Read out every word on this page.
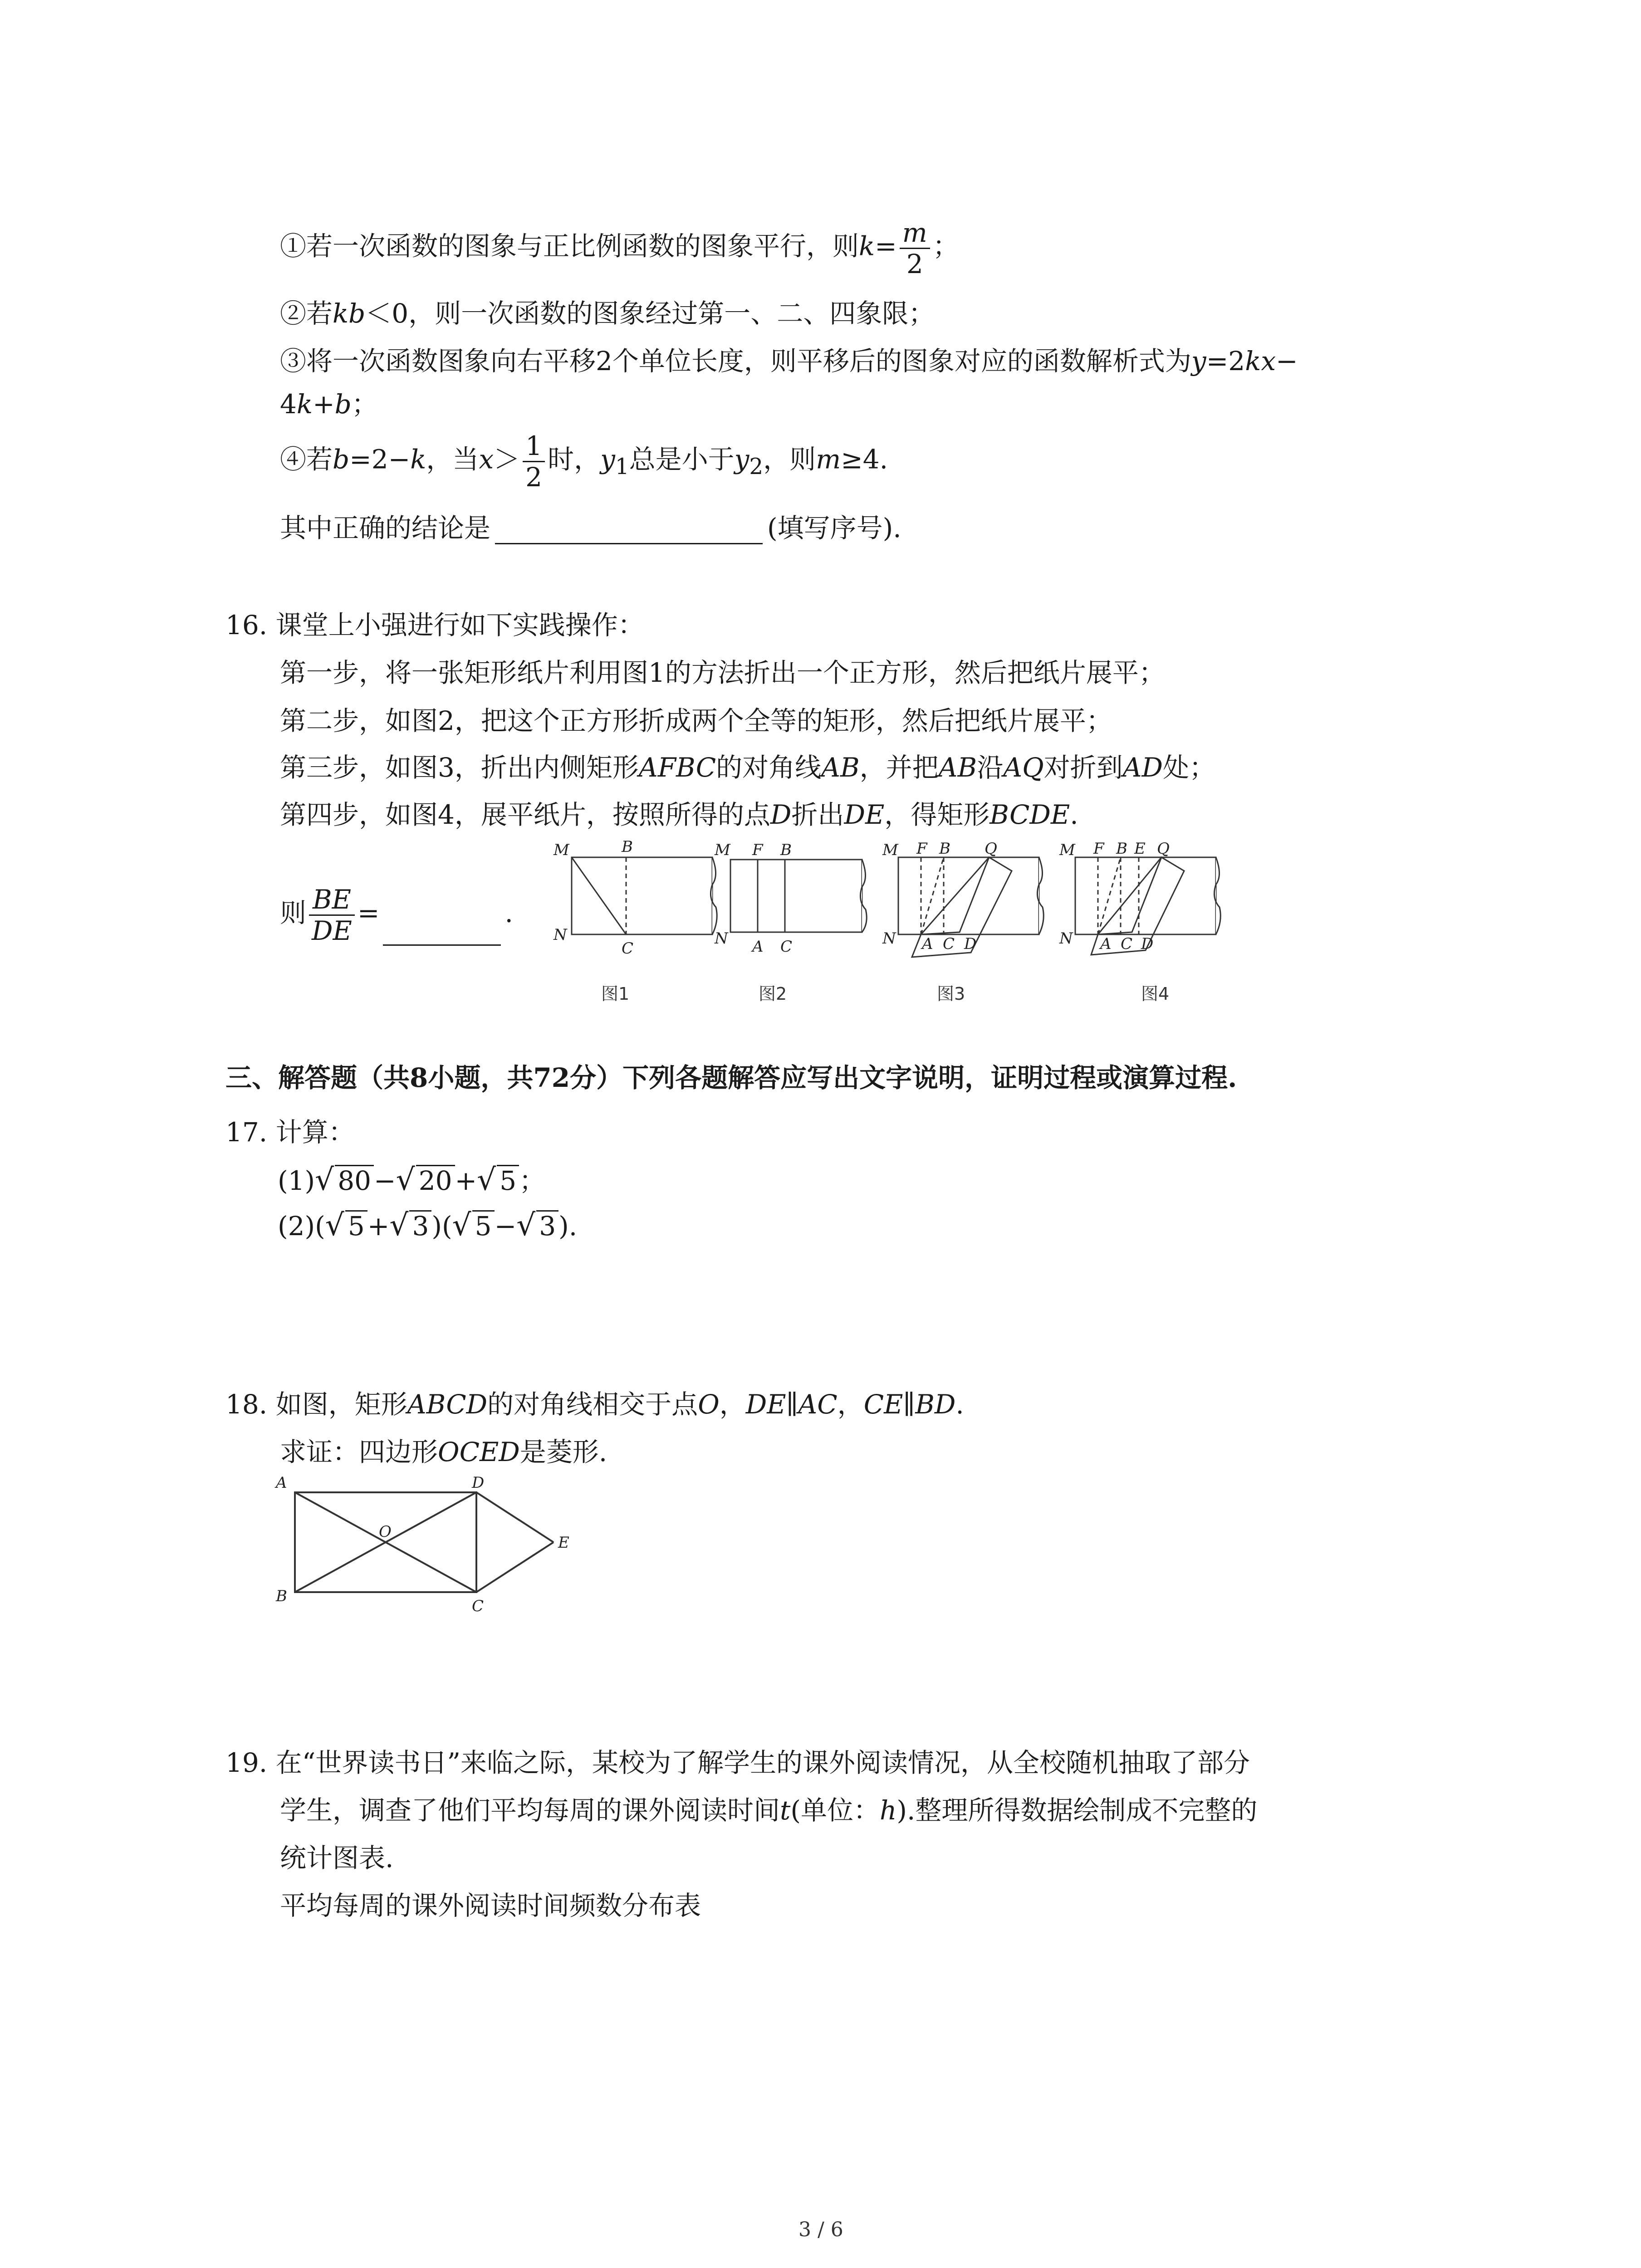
①若一次函数的图象与正比例函数的图象平行，则$k= \frac{m}{2}$ ；
②若kb＜0，则一次函数的图象经过第一、二、四象限；
③将一次函数图象向右平移2个单位长度，则平移后的图象对应的函数解析式为y=2kx−
4k+b；
④若b=2−k，当$x> \frac{1}{2}$ 时，$y_1$总是小于$y_2$，则m≥4.
其中正确的结论是	(填写序号).
16. 课堂上小强进行如下实践操作：
第一步，将一张矩形纸片利用图1的方法折出一个正方形，然后把纸片展平；
第二步，如图2，把这个正方形折成两个全等的矩形，然后把纸片展平；
第三步，如图3，折出内侧矩形AFBC的对角线AB，并把AB沿AQ对折到AD处；
第四步，如图4，展平纸片，按照所得的点D折出DE，得矩形BCDE.
则 $\frac{BE}{DE}$ =	.
M	B
N
C
M F B
N A C
M F B Q
N A C D
M F B E Q
N A C D
图1	图2	图3	图4
三、解答题（共8小题，共72分）下列各题解答应写出文字说明，证明过程或演算过程.
17. 计算：
(1)√ 80 −√ 20 +√ 5 ；
(2)(√ 5 +√ 3 )(√ 5 −√ 3 ).
18. 如图，矩形ABCD的对角线相交于点O，DE∥AC，CE∥BD.
求证：四边形OCED是菱形.
A	D
O
E
B
C
19. 在“世界读书日”来临之际，某校为了解学生的课外阅读情况，从全校随机抽取了部分
学生，调查了他们平均每周的课外阅读时间t(单位：h).整理所得数据绘制成不完整的
统计图表.
平均每周的课外阅读时间频数分布表
3 / 6
